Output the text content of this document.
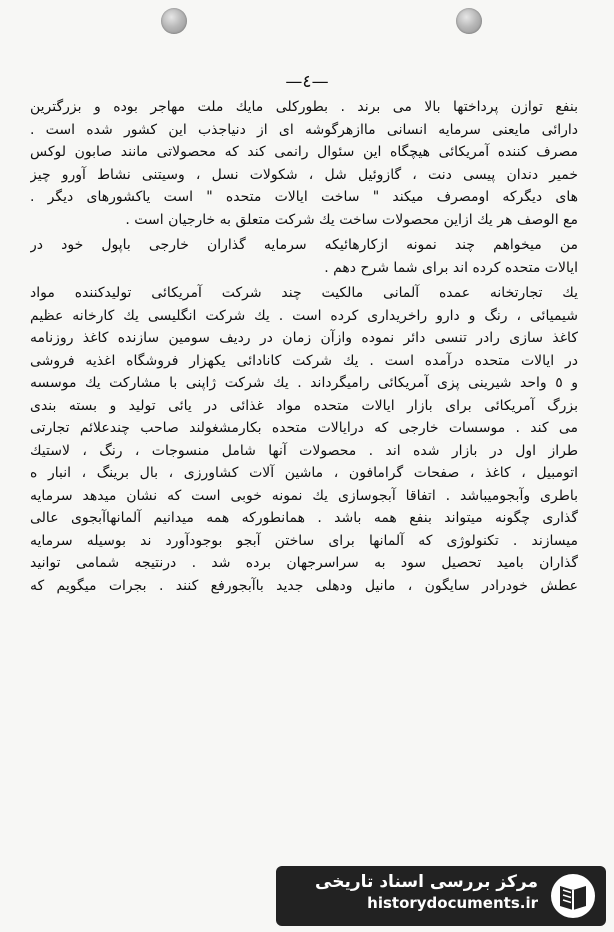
—٤—

بنفع توازن پرداختها بالا می برند . بطورکلی مایك ملت مهاجر بوده و بزرگترین
دارائی مایعنی سرمایه انسانی ماازهرگوشه ای از دنیاجذب این کشور شده است .
مصرف کننده آمریکائی هیچگاه این سئوال رانمی کند که محصولاتی مانند صابون لوکس
خمیر دندان پیسی دنت ، گازوئیل شل ، شکولات نسل ، وسیتنی نشاط آورو چیز
های دیگرکه اومصرف میکند " ساخت ایالات متحده " است یاکشورهای دیگر .
مع الوصف هر یك ازاین محصولات ساخت یك شرکت متعلق به خارجیان است .

من میخواهم چند نمونه ازکارهائیکه سرمایه گذاران خارجی باپول خود در
ایالات متحده کرده اند برای شما شرح دهم .

یك تجارتخانه عمده آلمانی مالکیت چند شرکت آمریکائی تولیدکننده مواد
شیمیائی ، رنگ و دارو راخریداری کرده است . یك شرکت انگلیسی یك کارخانه عظیم
کاغذ سازی رادر تنسی دائر نموده وازآن زمان در ردیف سومین سازنده کاغذ روزنامه
در ایالات متحده درآمده است . یك شرکت کانادائی یکهزار فروشگاه اغذیه فروشی
و ٥ واحد شیرینی پزی آمریکائی رامیگرداند . یك شرکت ژاپنی با مشارکت یك موسسه
بزرگ آمریکائی برای بازار ایالات متحده مواد غذائی در یائی تولید و بسته بندی
می کند . موسسات خارجی که درایالات متحده بکارمشغولند صاحب چندعلائم تجارتی
طراز اول در بازار شده اند . محصولات آنها شامل منسوجات ، رنگ ، لاستیك
اتومبیل ، کاغذ ، صفحات گرامافون ، ماشین آلات کشاورزی ، بال برینگ ، انبار ه
باطری وآبجومیباشد . اتفاقا آبجوسازی یك نمونه خوبی است که نشان میدهد سرمایه
گذاری چگونه میتواند بنفع همه باشد . همانطورکه همه میدانیم آلمانهاآبجوی عالی
میسازند . تکنولوژی که آلمانها برای ساختن آبجو بوجودآورد ند بوسیله سرمایه
گذاران بامید تحصیل سود به سراسرجهان برده شد . درنتیجه شمامی توانید
عطش خودرادر سایگون ، مانیل ودهلی جدید باآبجورفع کنند . بجرات میگویم که

مرکز بررسی اسناد تاریخی
historydocuments.ir
